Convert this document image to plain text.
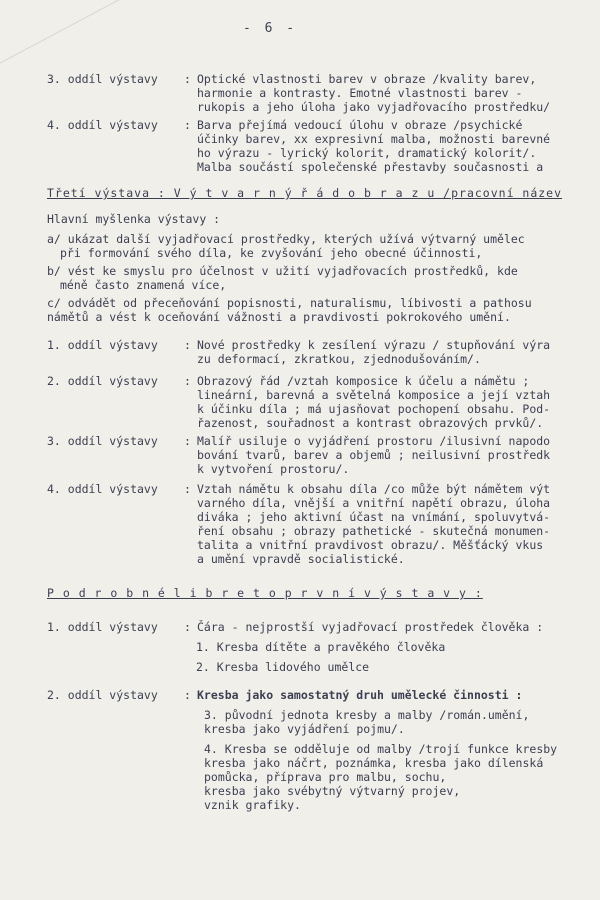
- 6 -
3. oddíl výstavy : Optické vlastnosti barev v obraze /kvality barev,
harmonie a kontrasty. Emotné vlastnosti barev -
rukopis a jeho úloha jako vyjadřovacího prostředku/
4. oddíl výstavy : Barva přejímá vedoucí úlohu v obraze /psychické
účinky barev, xx expresivní malba, možnosti barevné
ho výrazu - lyrický kolorit, dramatický kolorit/.
Malba součástí společenské přestavby současnosti a
Třetí výstava : V ý t v a r n ý ř á d o b r a z u /pracovní název
Hlavní myšlenka výstavy :
a/ ukázat další vyjadřovací prostředky, kterých užívá výtvarný umělec
při formování svého díla, ke zvyšování jeho obecné účinnosti,
b/ vést ke smyslu pro účelnost v užití vyjadřovacích prostředků, kde
méně často znamená více,
c/ odvádět od přeceňování popisnosti, naturalismu, líbivosti a pathosu
námětů a vést k oceňování vážnosti a pravdivosti pokrokového umění.
1. oddíl výstavy : Nové prostředky k zesílení výrazu / stupňování výra
zu deformací, zkratkou, zjednodušováním/.
2. oddíl výstavy : Obrazový řád /vztah komposice k účelu a námětu ;
lineární, barevná a světelná komposice a její vztah
k účinku díla ; má ujasňovat pochopení obsahu. Pod-
řazenost, souřadnost a kontrast obrazových prvků/.
3. oddíl výstavy : Malíř usiluje o vyjádření prostoru /ilusivní napodo
bování tvarů, barev a objemů ; neilusivní prostředk
k vytvoření prostoru/.
4. oddíl výstavy : Vztah námětu k obsahu díla /co může být námětem výt
varného díla, vnější a vnitřní napětí obrazu, úloha
diváka ; jeho aktivní účast na vnímání, spoluvytvá-
ření obsahu ; obrazy pathetické - skutečná monumen-
talita a vnitřní pravdivost obrazu/. Měšťácký vkus
a umění vpravdě socialistické.
P o d r o b n é l i b r e t o p r v n í v ý s t a v y :
1. oddíl výstavy : Čára - nejprostší vyjadřovací prostředek člověka :
1. Kresba dítěte a pravěkého člověka
2. Kresba lidového umělce
2. oddíl výstavy : Kresba jako samostatný druh umělecké činnosti :
3. původní jednota kresby a malby /román.umění,
kresba jako vyjádření pojmu/.
4. Kresba se odděluje od malby /trojí funkce kresby
kresba jako náčrt, poznámka, kresba jako dílenská
pomůcka, příprava pro malbu, sochu,
kresba jako svébytný výtvarný projev,
vznik grafiky.
